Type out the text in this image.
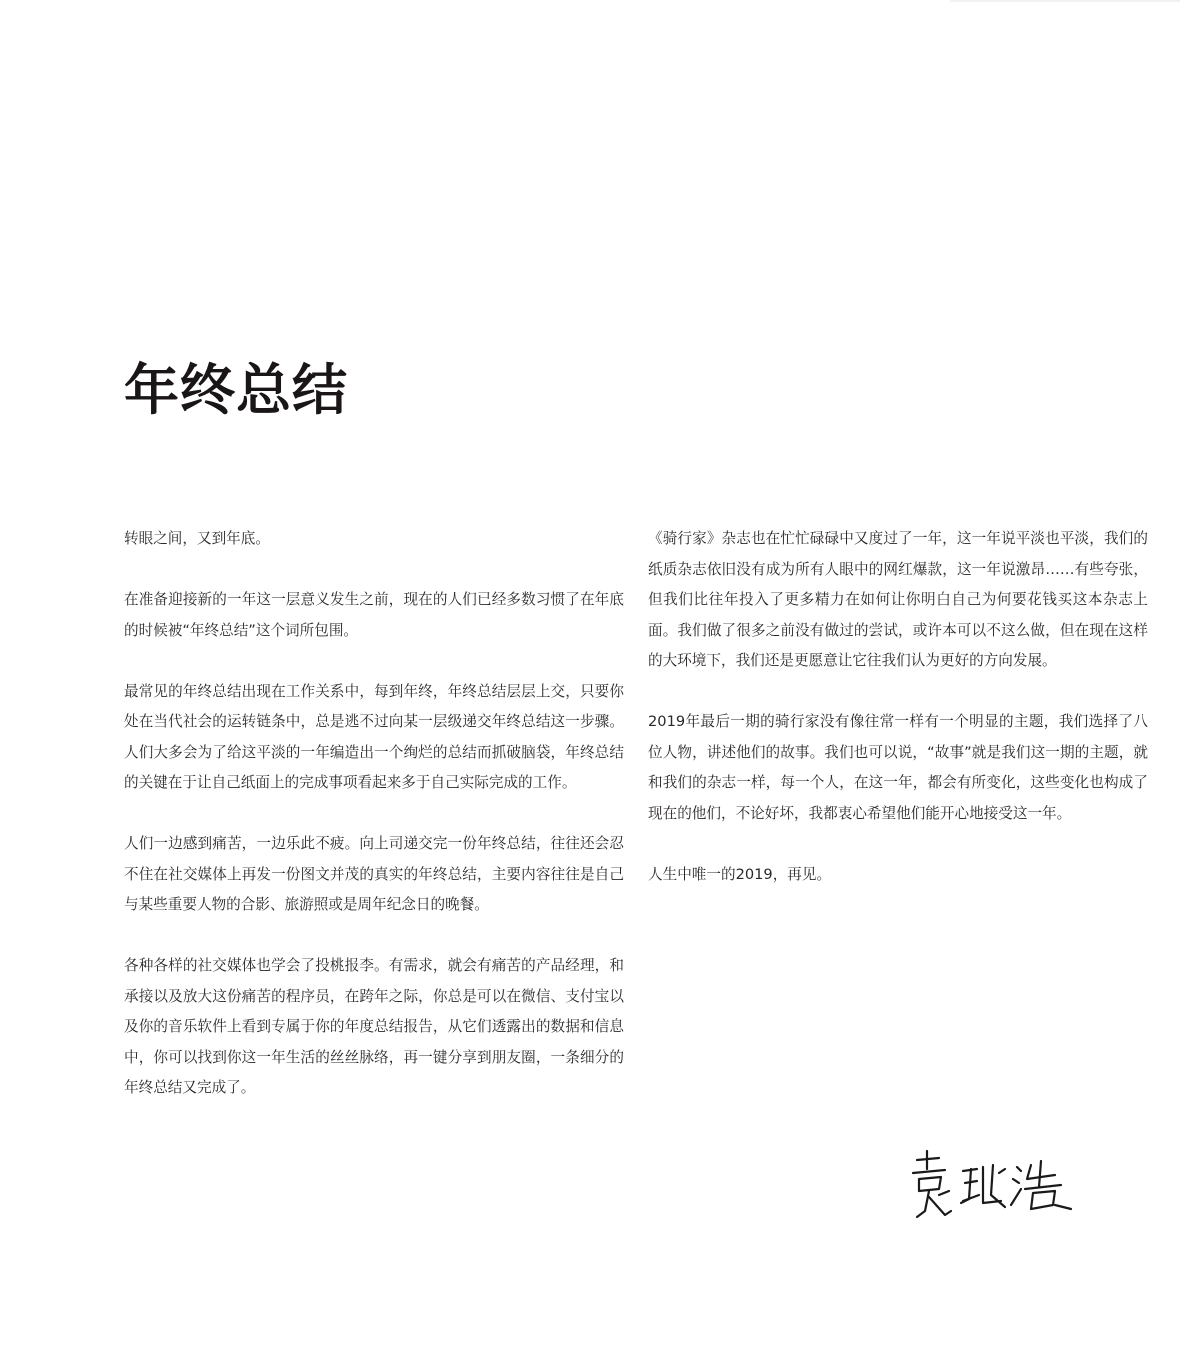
年终总结

转眼之间，又到年底。

在准备迎接新的一年这一层意义发生之前，现在的人们已经多数习惯了在年底的时候被“年终总结”这个词所包围。

最常见的年终总结出现在工作关系中，每到年终，年终总结层层上交，只要你处在当代社会的运转链条中，总是逃不过向某一层级递交年终总结这一步骤。人们大多会为了给这平淡的一年编造出一个绚烂的总结而抓破脑袋，年终总结的关键在于让自己纸面上的完成事项看起来多于自己实际完成的工作。

人们一边感到痛苦，一边乐此不疲。向上司递交完一份年终总结，往往还会忍不住在社交媒体上再发一份图文并茂的真实的年终总结，主要内容往往是自己与某些重要人物的合影、旅游照或是周年纪念日的晚餐。

各种各样的社交媒体也学会了投桃报李。有需求，就会有痛苦的产品经理，和承接以及放大这份痛苦的程序员，在跨年之际，你总是可以在微信、支付宝以及你的音乐软件上看到专属于你的年度总结报告，从它们透露出的数据和信息中，你可以找到你这一年生活的丝丝脉络，再一键分享到朋友圈，一条细分的年终总结又完成了。

《骑行家》杂志也在忙忙碌碌中又度过了一年，这一年说平淡也平淡，我们的纸质杂志依旧没有成为所有人眼中的网红爆款，这一年说激昂……有些夸张，但我们比往年投入了更多精力在如何让你明白自己为何要花钱买这本杂志上面。我们做了很多之前没有做过的尝试，或许本可以不这么做，但在现在这样的大环境下，我们还是更愿意让它往我们认为更好的方向发展。

2019年最后一期的骑行家没有像往常一样有一个明显的主题，我们选择了八位人物，讲述他们的故事。我们也可以说，“故事”就是我们这一期的主题，就和我们的杂志一样，每一个人，在这一年，都会有所变化，这些变化也构成了现在的他们，不论好坏，我都衷心希望他们能开心地接受这一年。

人生中唯一的2019，再见。
